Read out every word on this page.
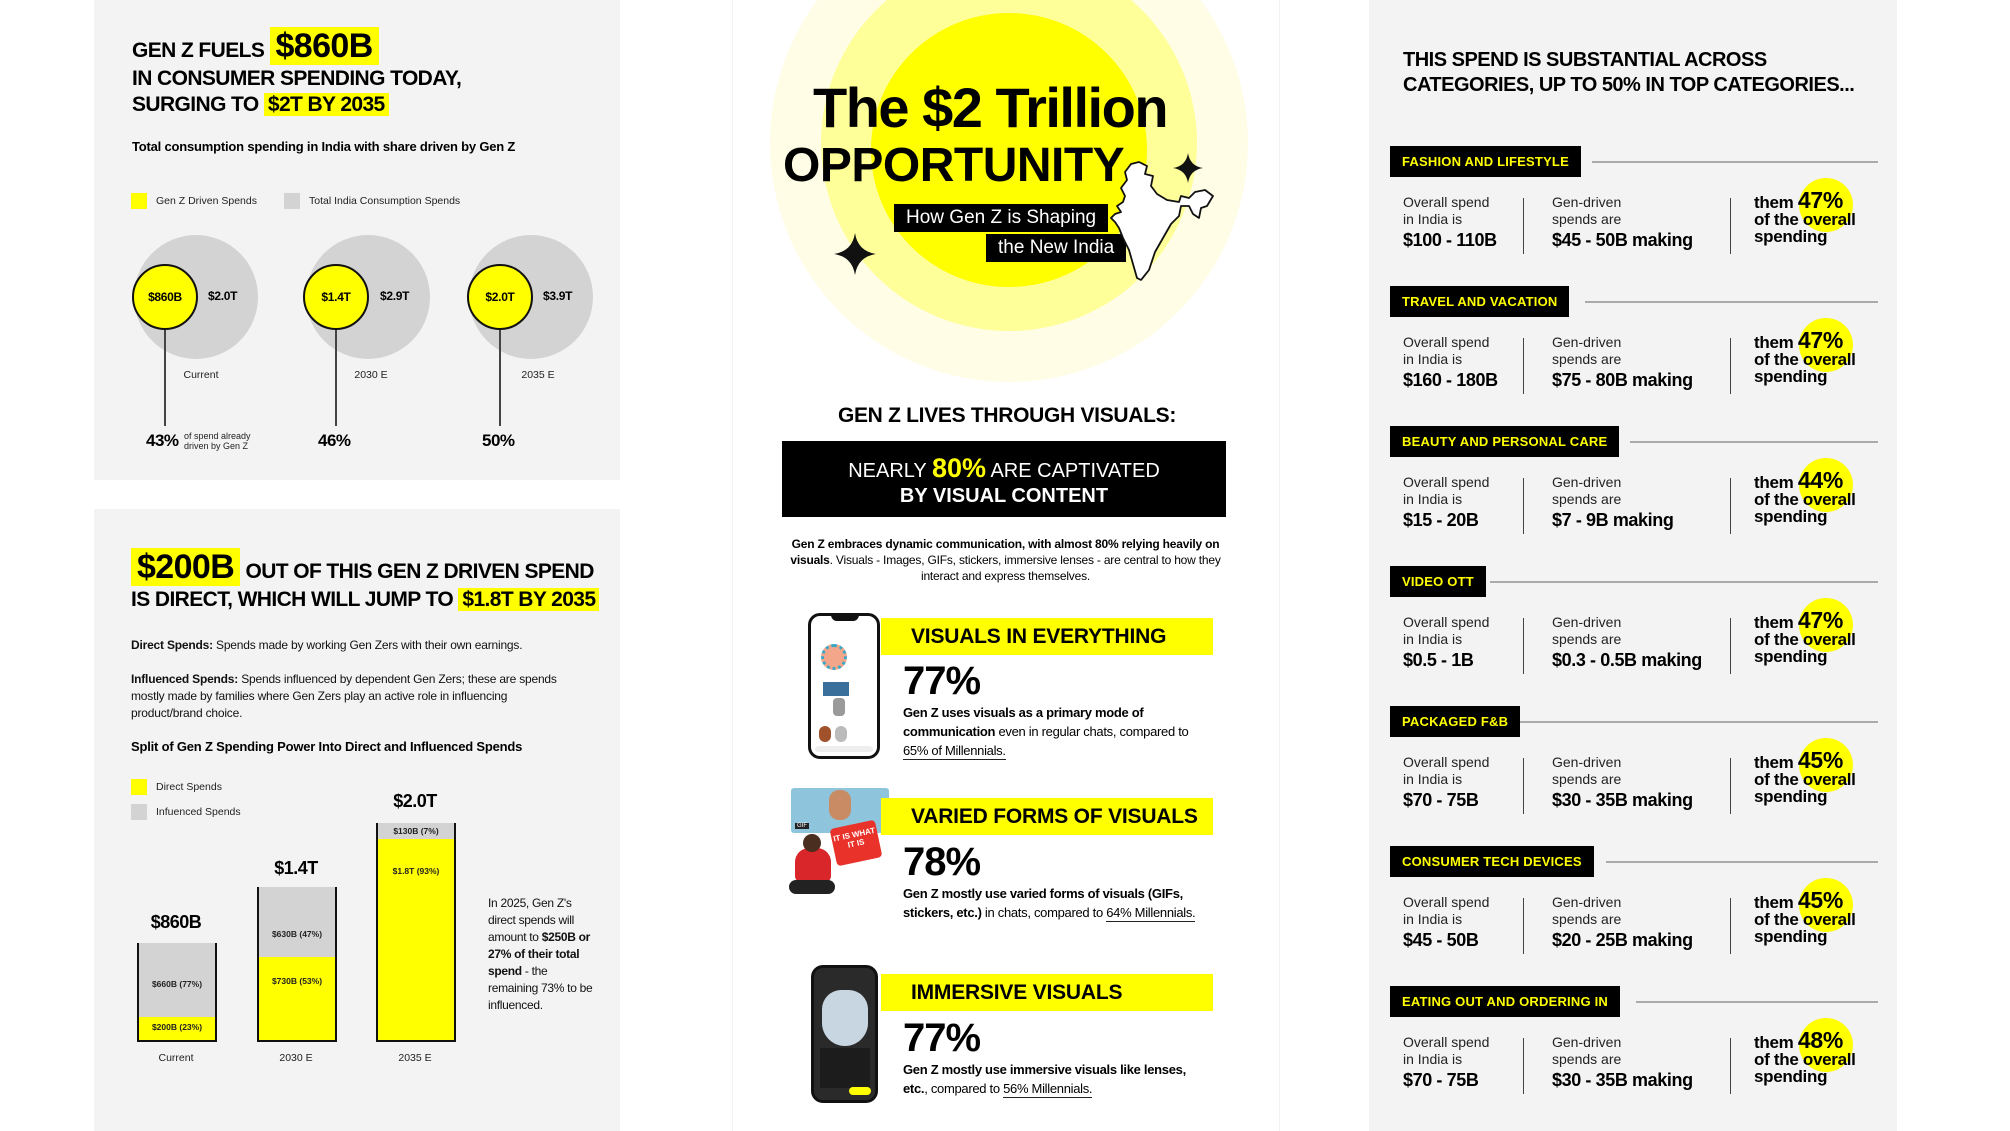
GEN Z FUELS $860B
IN CONSUMER SPENDING TODAY,
SURGING TO $2T BY 2035
Total consumption spending in India with share driven by Gen Z
Gen Z Driven Spends	Total India Consumption Spends
$860B	$2.0T
Current
43% of spend already driven by Gen Z
$1.4T	$2.9T
2030 E
46%
$2.0T	$3.9T
2035 E
50%
$200B OUT OF THIS GEN Z DRIVEN SPEND
IS DIRECT, WHICH WILL JUMP TO $1.8T BY 2035
Direct Spends: Spends made by working Gen Zers with their own earnings.
Influenced Spends: Spends influenced by dependent Gen Zers; these are spends mostly made by families where Gen Zers play an active role in influencing product/brand choice.
Split of Gen Z Spending Power Into Direct and Influenced Spends
Direct Spends
Infuenced Spends
$860B
$660B (77%)
$200B (23%)
Current
$1.4T
$630B (47%)
$730B (53%)
2030 E
$2.0T
$130B (7%)
$1.8T (93%)
2035 E
In 2025, Gen Z's direct spends will amount to $250B or 27% of their total spend - the remaining 73% to be influenced.
The $2 Trillion
OPPORTUNITY
How Gen Z is Shaping
the New India
GEN Z LIVES THROUGH VISUALS:
NEARLY 80% ARE CAPTIVATED
BY VISUAL CONTENT
Gen Z embraces dynamic communication, with almost 80% relying heavily on visuals. Visuals - Images, GIFs, stickers, immersive lenses - are central to how they interact and express themselves.
VISUALS IN EVERYTHING
77%
Gen Z uses visuals as a primary mode of communication even in regular chats, compared to 65% of Millennials.
GIF	IT IS WHAT IT IS
VARIED FORMS OF VISUALS
78%
Gen Z mostly use varied forms of visuals (GIFs, stickers, etc.) in chats, compared to 64% Millennials.
IMMERSIVE VISUALS
77%
Gen Z mostly use immersive visuals like lenses, etc., compared to 56% Millennials.
THIS SPEND IS SUBSTANTIAL ACROSS
CATEGORIES, UP TO 50% IN TOP CATEGORIES...
FASHION AND LIFESTYLE
Overall spend
in India is
$100 - 110B
Gen-driven
spends are
$45 - 50B making
them 47%
of the overall
spending
TRAVEL AND VACATION
Overall spend
in India is
$160 - 180B
Gen-driven
spends are
$75 - 80B making
them 47%
of the overall
spending
BEAUTY AND PERSONAL CARE
Overall spend
in India is
$15 - 20B
Gen-driven
spends are
$7 - 9B making
them 44%
of the overall
spending
VIDEO OTT
Overall spend
in India is
$0.5 - 1B
Gen-driven
spends are
$0.3 - 0.5B making
them 47%
of the overall
spending
PACKAGED F&B
Overall spend
in India is
$70 - 75B
Gen-driven
spends are
$30 - 35B making
them 45%
of the overall
spending
CONSUMER TECH DEVICES
Overall spend
in India is
$45 - 50B
Gen-driven
spends are
$20 - 25B making
them 45%
of the overall
spending
EATING OUT AND ORDERING IN
Overall spend
in India is
$70 - 75B
Gen-driven
spends are
$30 - 35B making
them 48%
of the overall
spending
